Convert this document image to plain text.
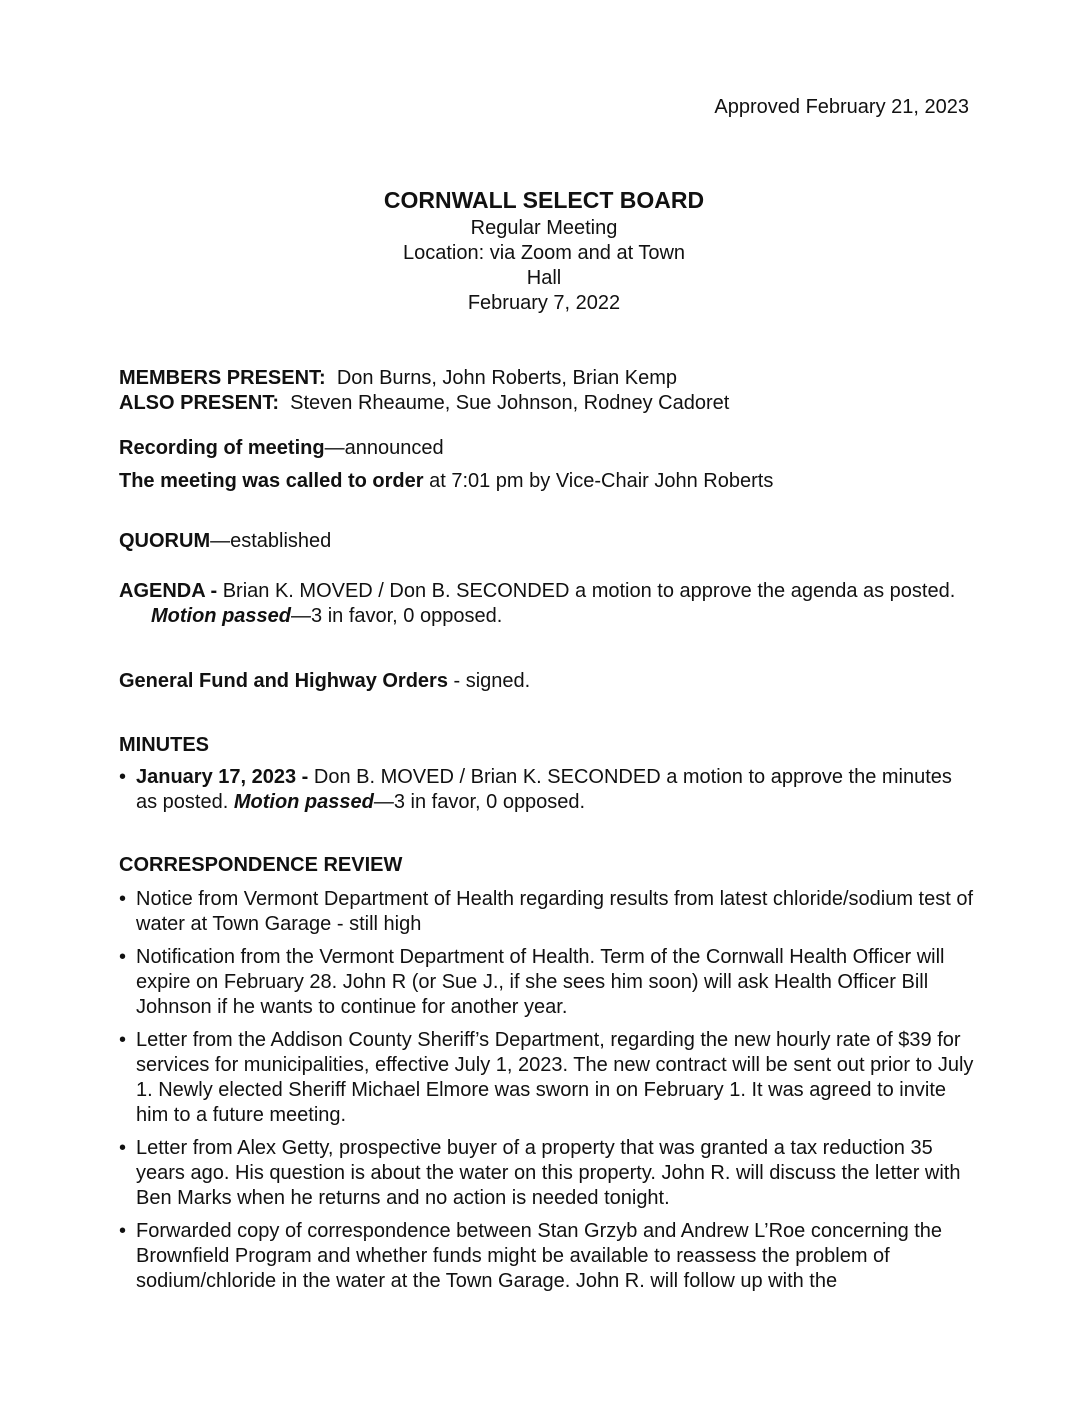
Approved February 21, 2023
CORNWALL SELECT BOARD
Regular Meeting
Location: via Zoom and at Town
Hall
February 7, 2022

MEMBERS PRESENT: Don Burns, John Roberts, Brian Kemp

ALSO PRESENT: Steven Rheaume, Sue Johnson, Rodney Cadoret

Recording of meeting—announced

The meeting was called to order at 7:01 pm by Vice-Chair John Roberts

QUORUM—established

AGENDA - Brian K. MOVED / Don B. SECONDED a motion to approve the agenda as posted. Motion passed—3 in favor, 0 opposed.

General Fund and Highway Orders - signed.

MINUTES

• January 17, 2023 - Don B. MOVED / Brian K. SECONDED a motion to approve the minutes as posted. Motion passed—3 in favor, 0 opposed.

CORRESPONDENCE REVIEW

• Notice from Vermont Department of Health regarding results from latest chloride/sodium test of water at Town Garage - still high
• Notification from the Vermont Department of Health. Term of the Cornwall Health Officer will expire on February 28. John R (or Sue J., if she sees him soon) will ask Health Officer Bill Johnson if he wants to continue for another year.
• Letter from the Addison County Sheriff’s Department, regarding the new hourly rate of $39 for services for municipalities, effective July 1, 2023. The new contract will be sent out prior to July 1. Newly elected Sheriff Michael Elmore was sworn in on February 1. It was agreed to invite him to a future meeting.
• Letter from Alex Getty, prospective buyer of a property that was granted a tax reduction 35 years ago. His question is about the water on this property. John R. will discuss the letter with Ben Marks when he returns and no action is needed tonight.
• Forwarded copy of correspondence between Stan Grzyb and Andrew L’Roe concerning the Brownfield Program and whether funds might be available to reassess the problem of sodium/chloride in the water at the Town Garage. John R. will follow up with the
